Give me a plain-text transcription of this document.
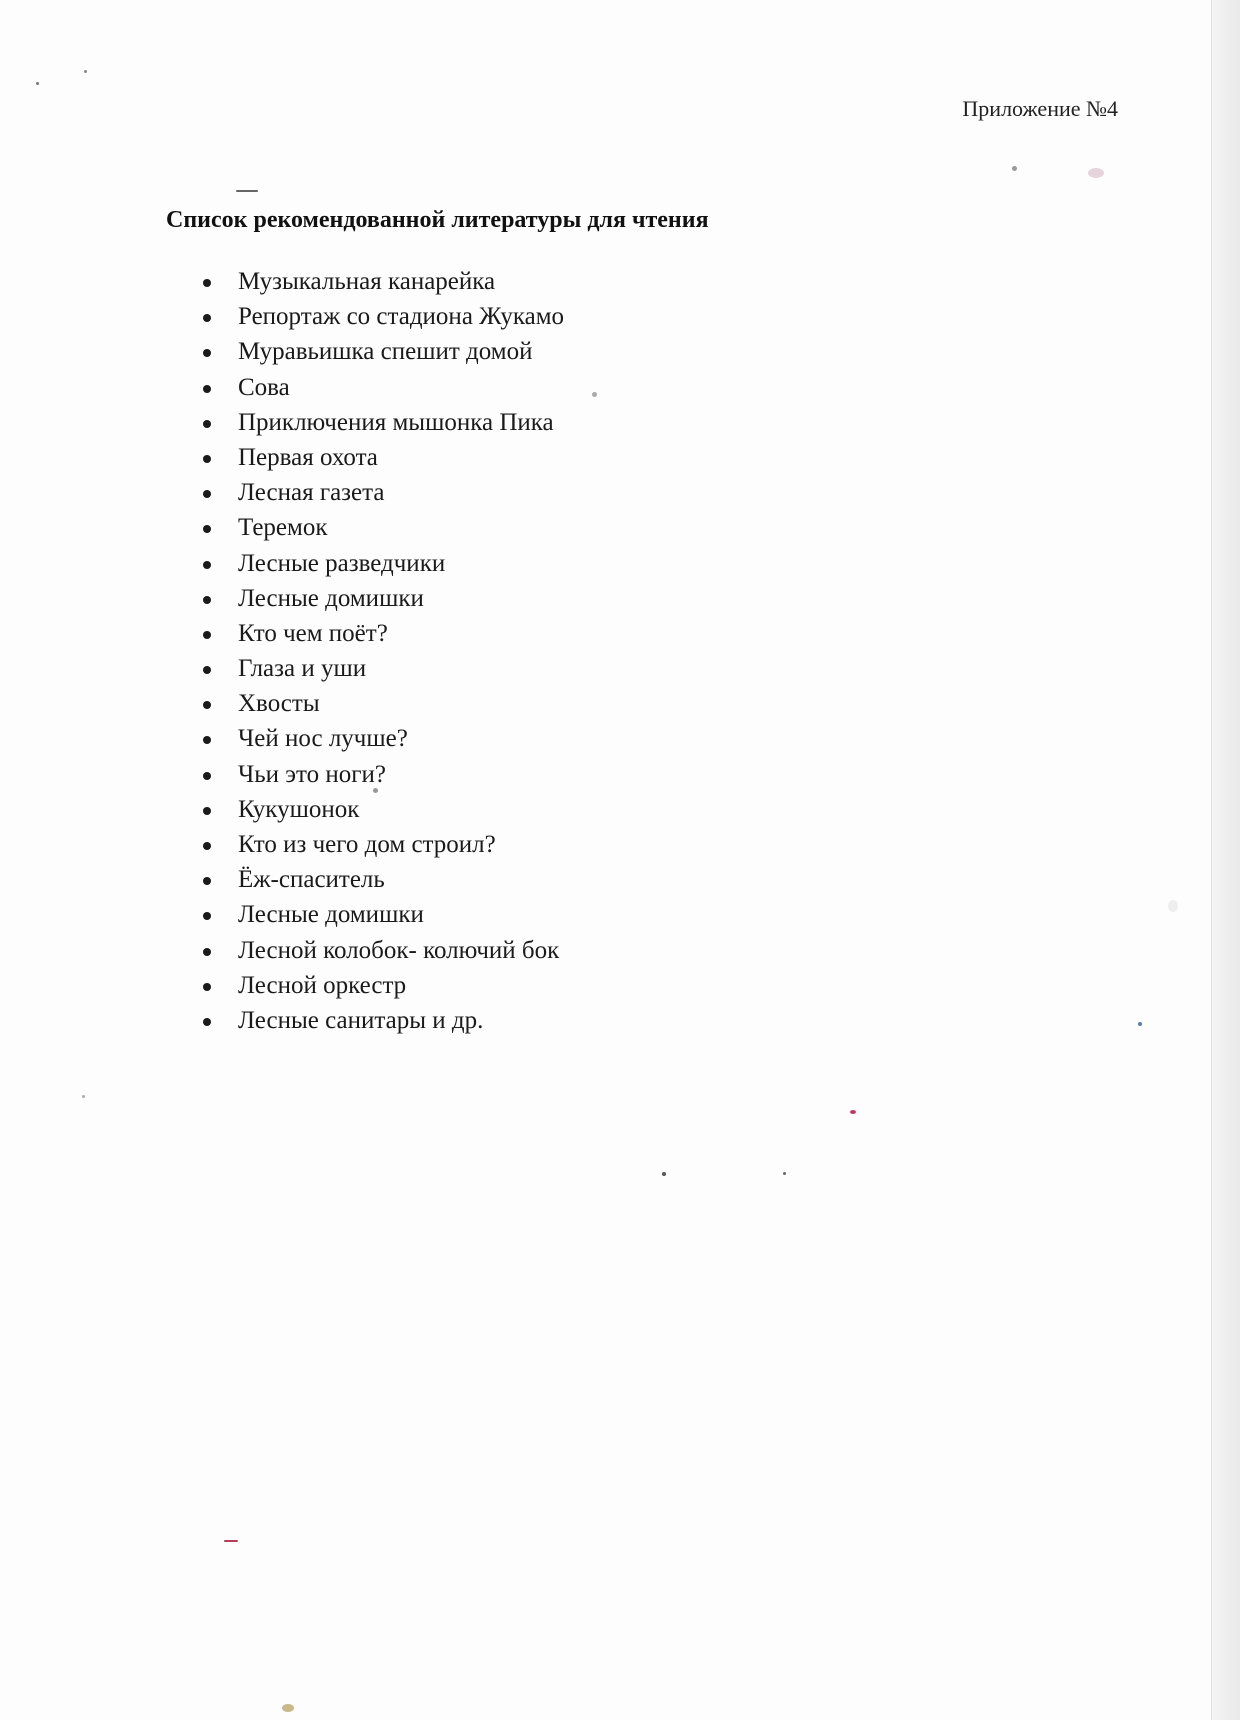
Приложение №4
Список рекомендованной литературы для чтения
Музыкальная канарейка
Репортаж со стадиона Жукамо
Муравьишка спешит домой
Сова
Приключения мышонка Пика
Первая охота
Лесная газета
Теремок
Лесные разведчики
Лесные домишки
Кто чем поёт?
Глаза и уши
Хвосты
Чей нос лучше?
Чьи это ноги?
Кукушонок
Кто из чего дом строил?
Ёж-спаситель
Лесные домишки
Лесной колобок- колючий бок
Лесной оркестр
Лесные санитары и др.
